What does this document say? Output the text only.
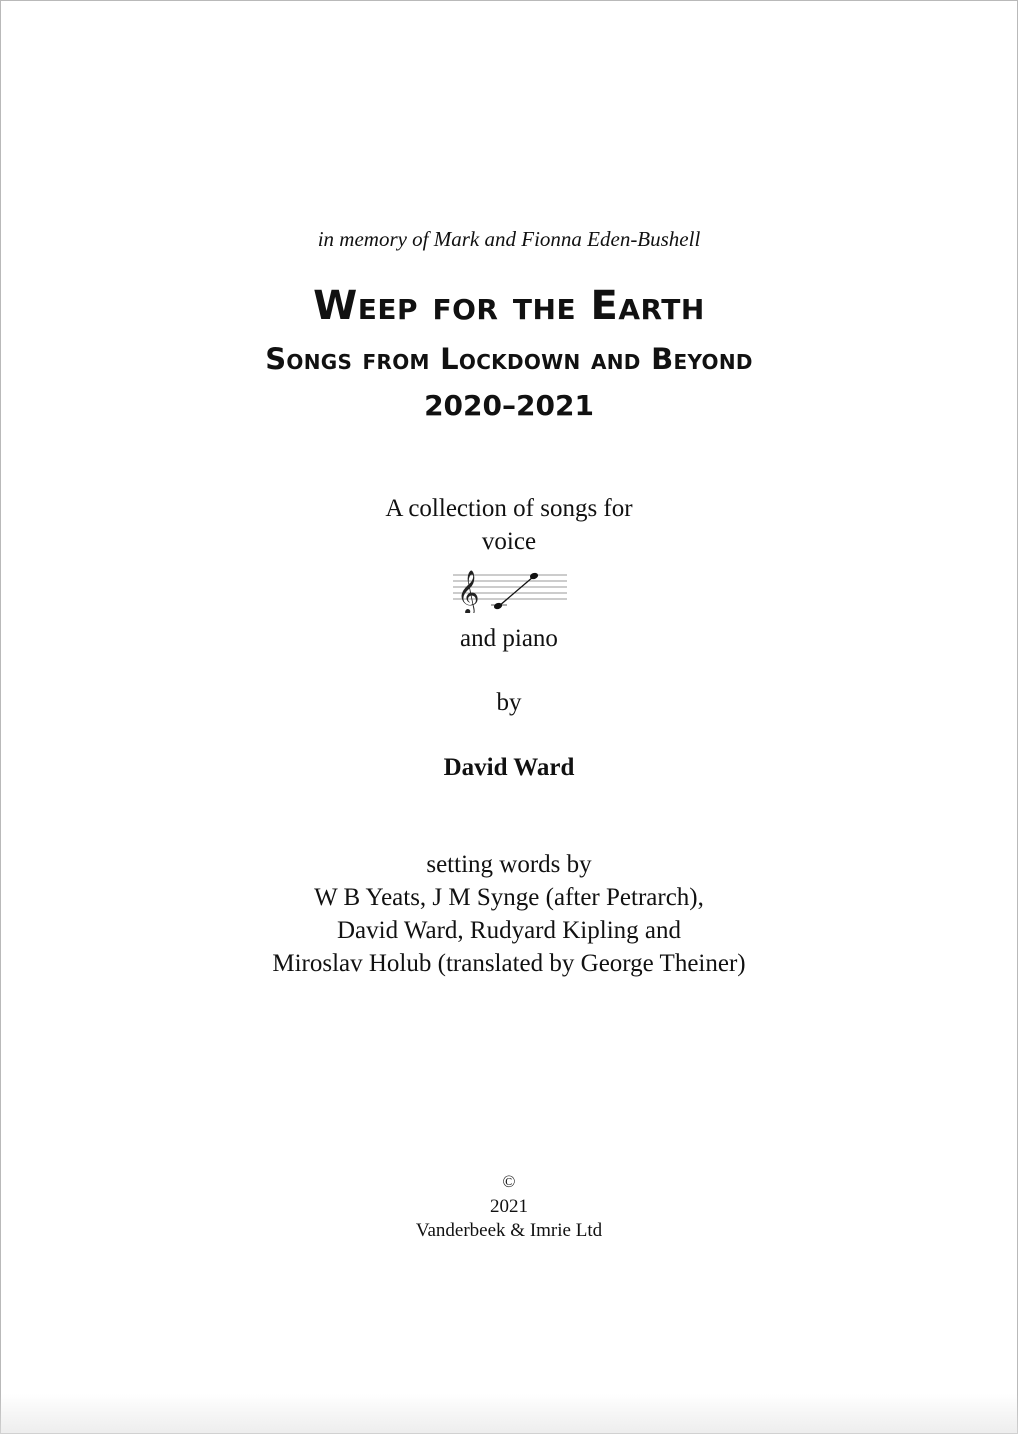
in memory of Mark and Fionna Eden-Bushell
Weep for the Earth
Songs from Lockdown and Beyond
2020–2021
A collection of songs for
voice
𝄞
and piano
by
David Ward
setting words by
W B Yeats, J M Synge (after Petrarch),
David Ward, Rudyard Kipling and
Miroslav Holub (translated by George Theiner)
©
2021
Vanderbeek & Imrie Ltd
